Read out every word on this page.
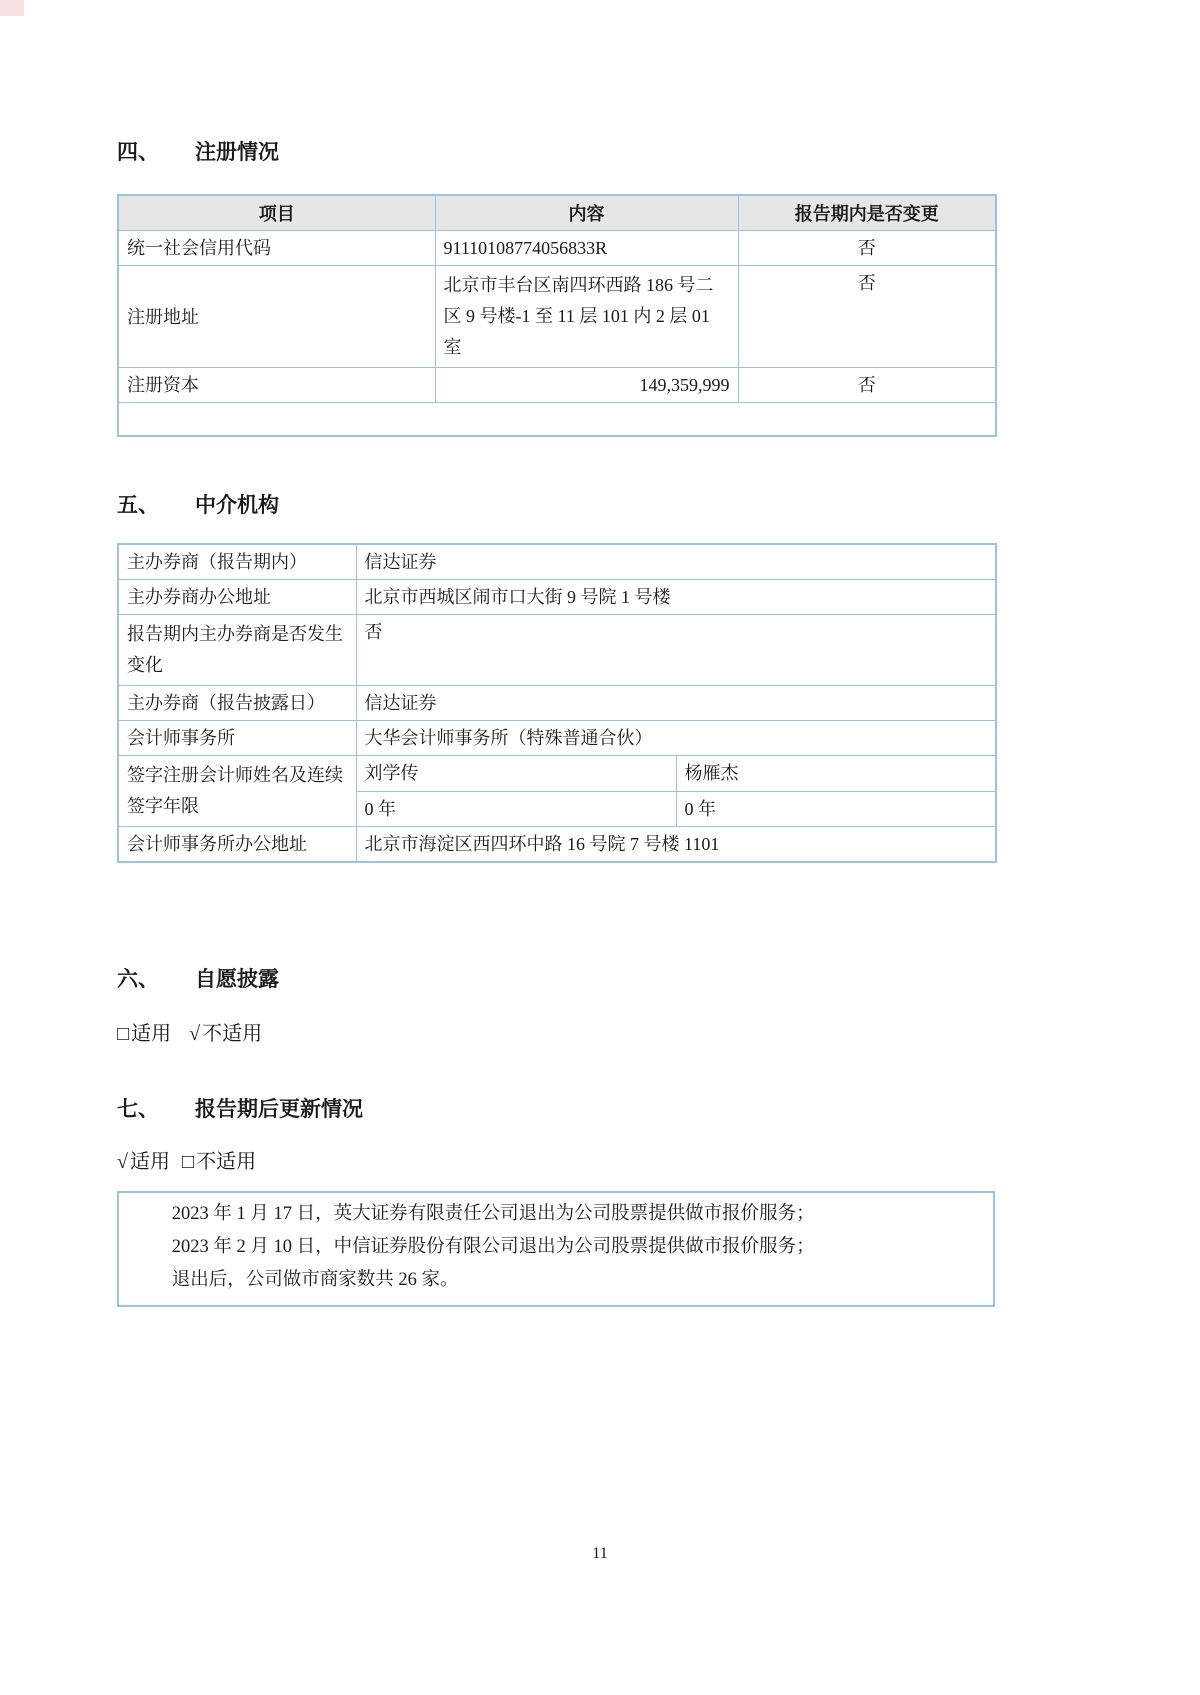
四、	注册情况
项目	内容	报告期内是否变更
统一社会信用代码	91110108774056833R	否
注册地址	北京市丰台区南四环西路 186 号二区 9 号楼-1 至 11 层 101 内 2 层 01 室	否
注册资本	149,359,999	否

五、	中介机构
主办券商（报告期内）	信达证券	
主办券商办公地址	北京市西城区闹市口大街 9 号院 1 号楼	
报告期内主办券商是否发生变化	否	
主办券商（报告披露日）	信达证券	
会计师事务所	大华会计师事务所（特殊普通合伙）	
签字注册会计师姓名及连续签字年限	刘学传	杨雁杰
	0 年	0 年
会计师事务所办公地址	北京市海淀区西四环中路 16 号院 7 号楼 1101	
六、	自愿披露
□ 适用 √ 不适用
七、	报告期后更新情况
√ 适用 □ 不适用

2023 年 1 月 17 日，英大证券有限责任公司退出为公司股票提供做市报价服务；

2023 年 2 月 10 日，中信证券股份有限公司退出为公司股票提供做市报价服务；

退出后，公司做市商家数共 26 家。

11
